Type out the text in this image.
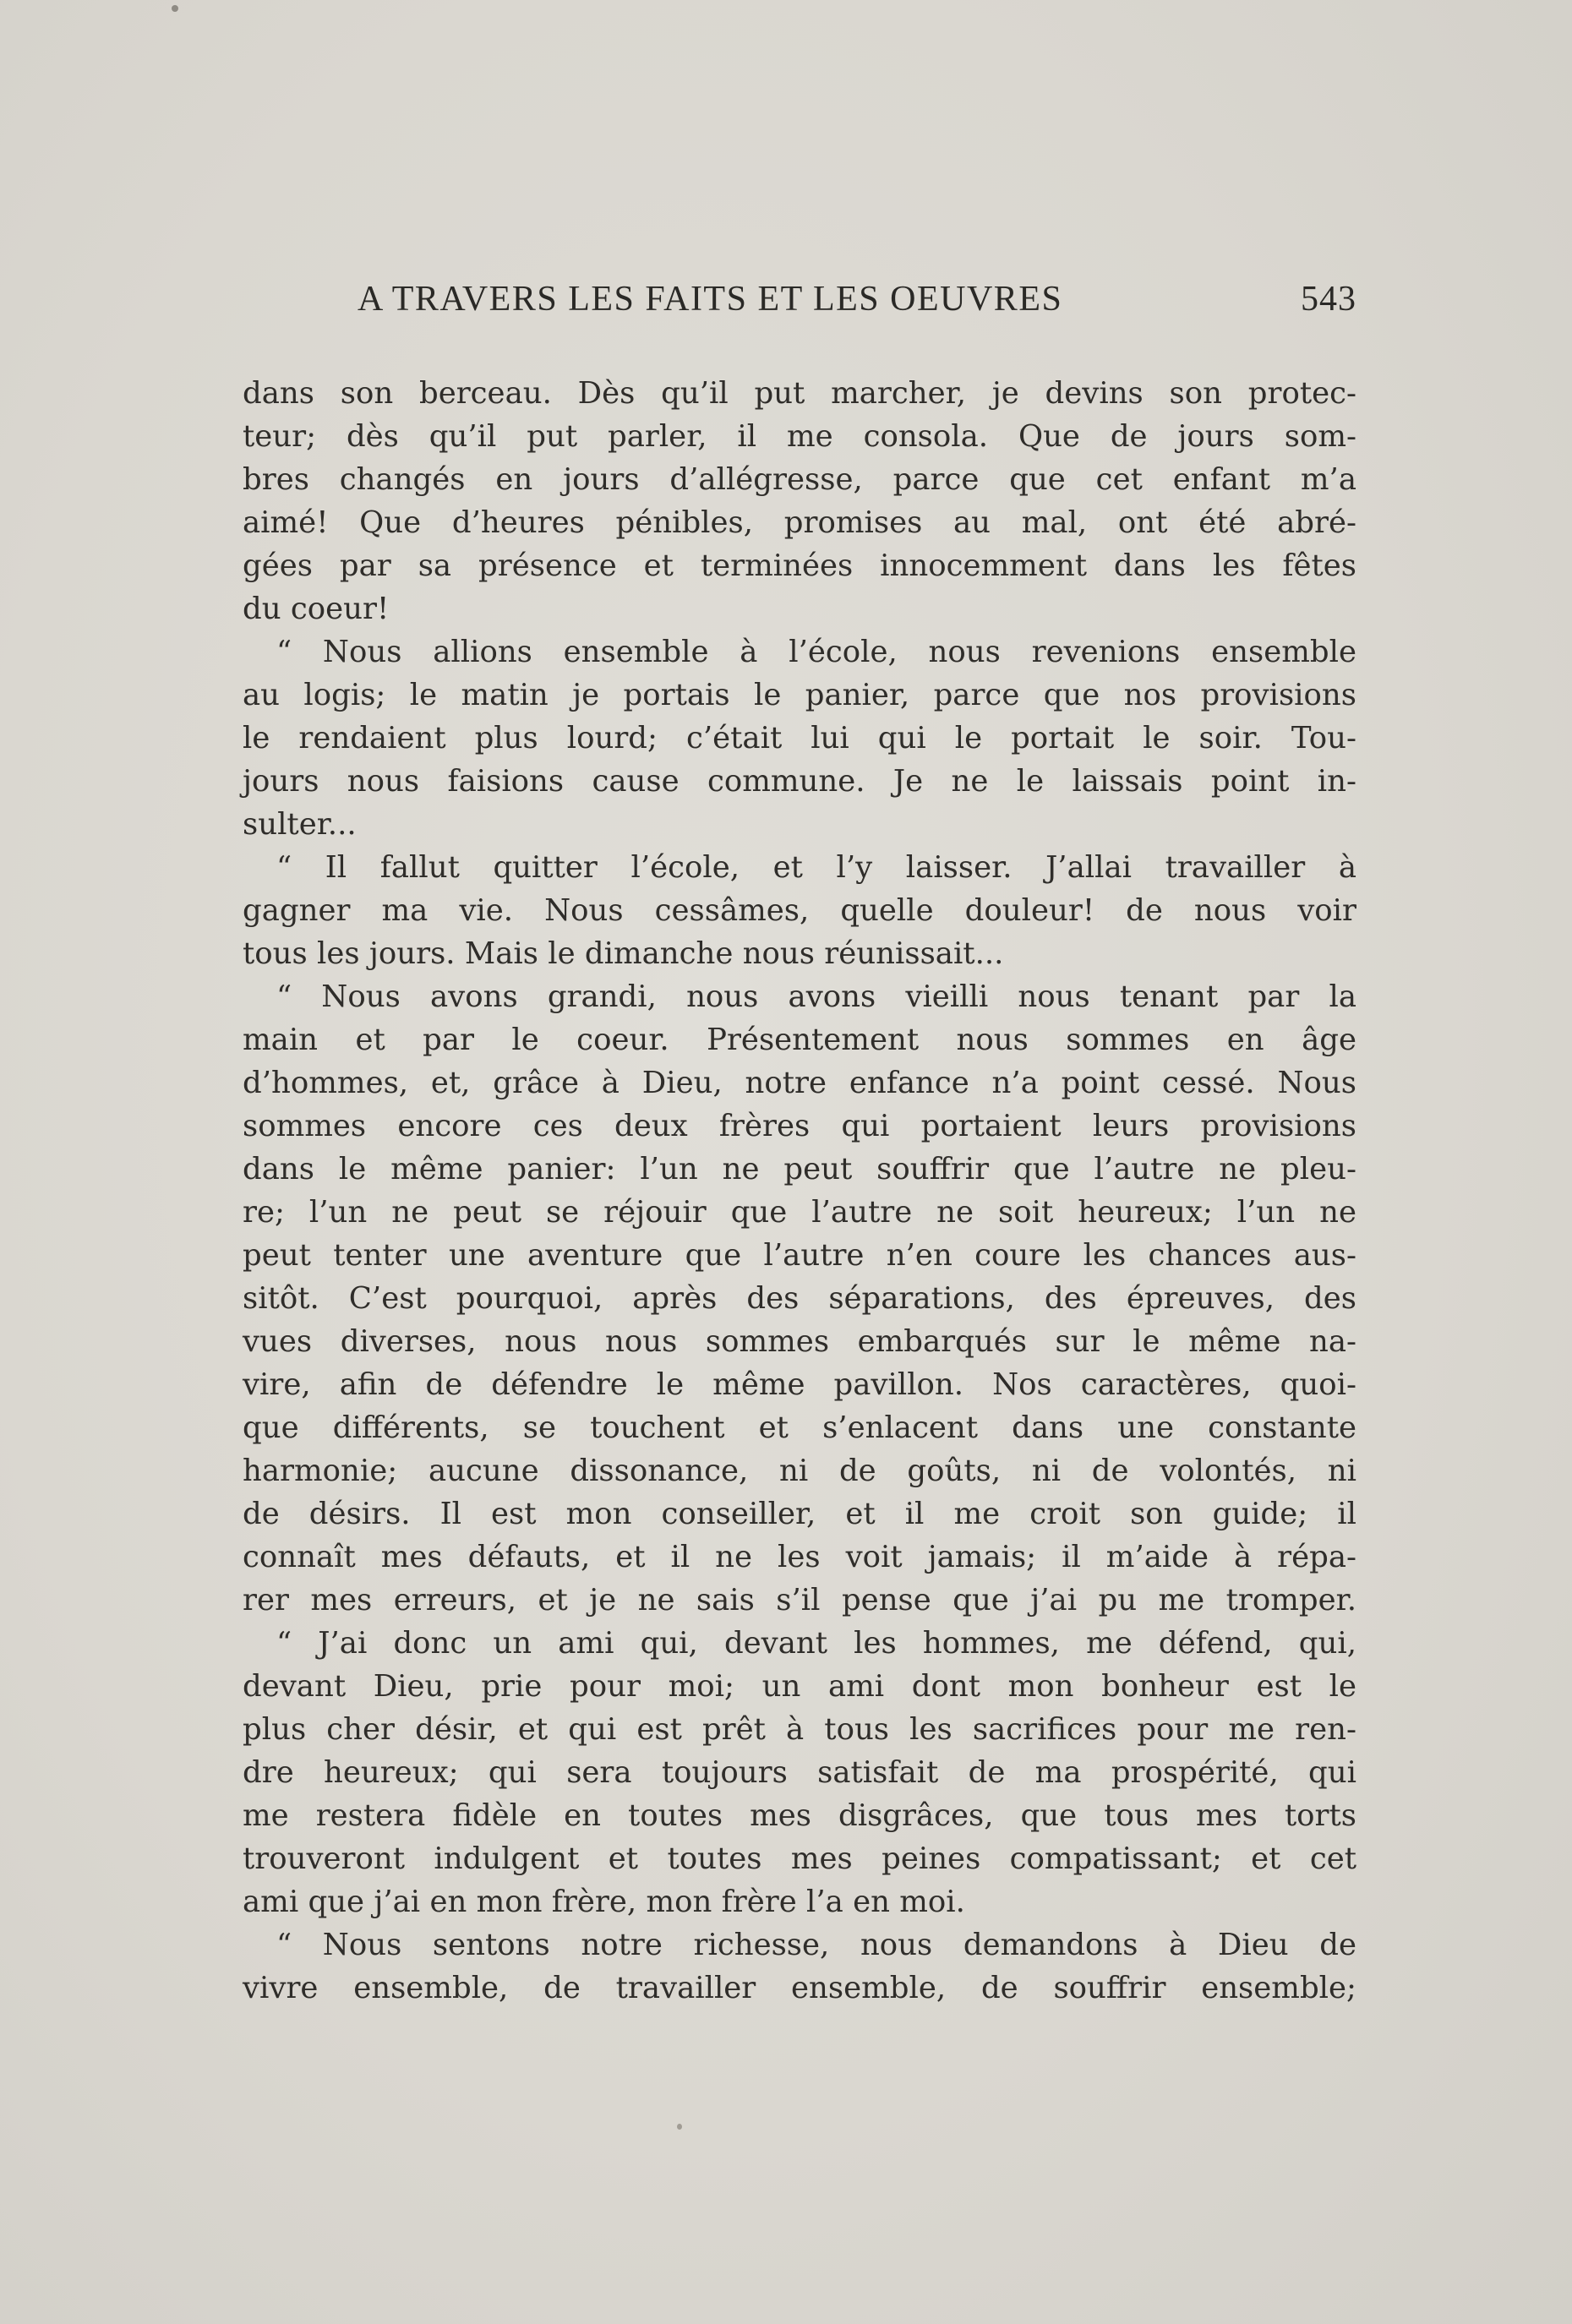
A TRAVERS LES FAITS ET LES OEUVRES	543
dans son berceau. Dès qu’il put marcher, je devins son protec-
teur; dès qu’il put parler, il me consola. Que de jours som-
bres changés en jours d’allégresse, parce que cet enfant m’a
aimé! Que d’heures pénibles, promises au mal, ont été abré-
gées par sa présence et terminées innocemment dans les fêtes
du coeur!
“ Nous allions ensemble à l’école, nous revenions ensemble
au logis; le matin je portais le panier, parce que nos provisions
le rendaient plus lourd; c’était lui qui le portait le soir. Tou-
jours nous faisions cause commune. Je ne le laissais point in-
sulter...
“ Il fallut quitter l’école, et l’y laisser. J’allai travailler à
gagner ma vie. Nous cessâmes, quelle douleur! de nous voir
tous les jours. Mais le dimanche nous réunissait...
“ Nous avons grandi, nous avons vieilli nous tenant par la
main et par le coeur. Présentement nous sommes en âge
d’hommes, et, grâce à Dieu, notre enfance n’a point cessé. Nous
sommes encore ces deux frères qui portaient leurs provisions
dans le même panier: l’un ne peut souffrir que l’autre ne pleu-
re; l’un ne peut se réjouir que l’autre ne soit heureux; l’un ne
peut tenter une aventure que l’autre n’en coure les chances aus-
sitôt. C’est pourquoi, après des séparations, des épreuves, des
vues diverses, nous nous sommes embarqués sur le même na-
vire, afin de défendre le même pavillon. Nos caractères, quoi-
que différents, se touchent et s’enlacent dans une constante
harmonie; aucune dissonance, ni de goûts, ni de volontés, ni
de désirs. Il est mon conseiller, et il me croit son guide; il
connaît mes défauts, et il ne les voit jamais; il m’aide à répa-
rer mes erreurs, et je ne sais s’il pense que j’ai pu me tromper.
“ J’ai donc un ami qui, devant les hommes, me défend, qui,
devant Dieu, prie pour moi; un ami dont mon bonheur est le
plus cher désir, et qui est prêt à tous les sacrifices pour me ren-
dre heureux; qui sera toujours satisfait de ma prospérité, qui
me restera fidèle en toutes mes disgrâces, que tous mes torts
trouveront indulgent et toutes mes peines compatissant; et cet
ami que j’ai en mon frère, mon frère l’a en moi.
“ Nous sentons notre richesse, nous demandons à Dieu de
vivre ensemble, de travailler ensemble, de souffrir ensemble;
